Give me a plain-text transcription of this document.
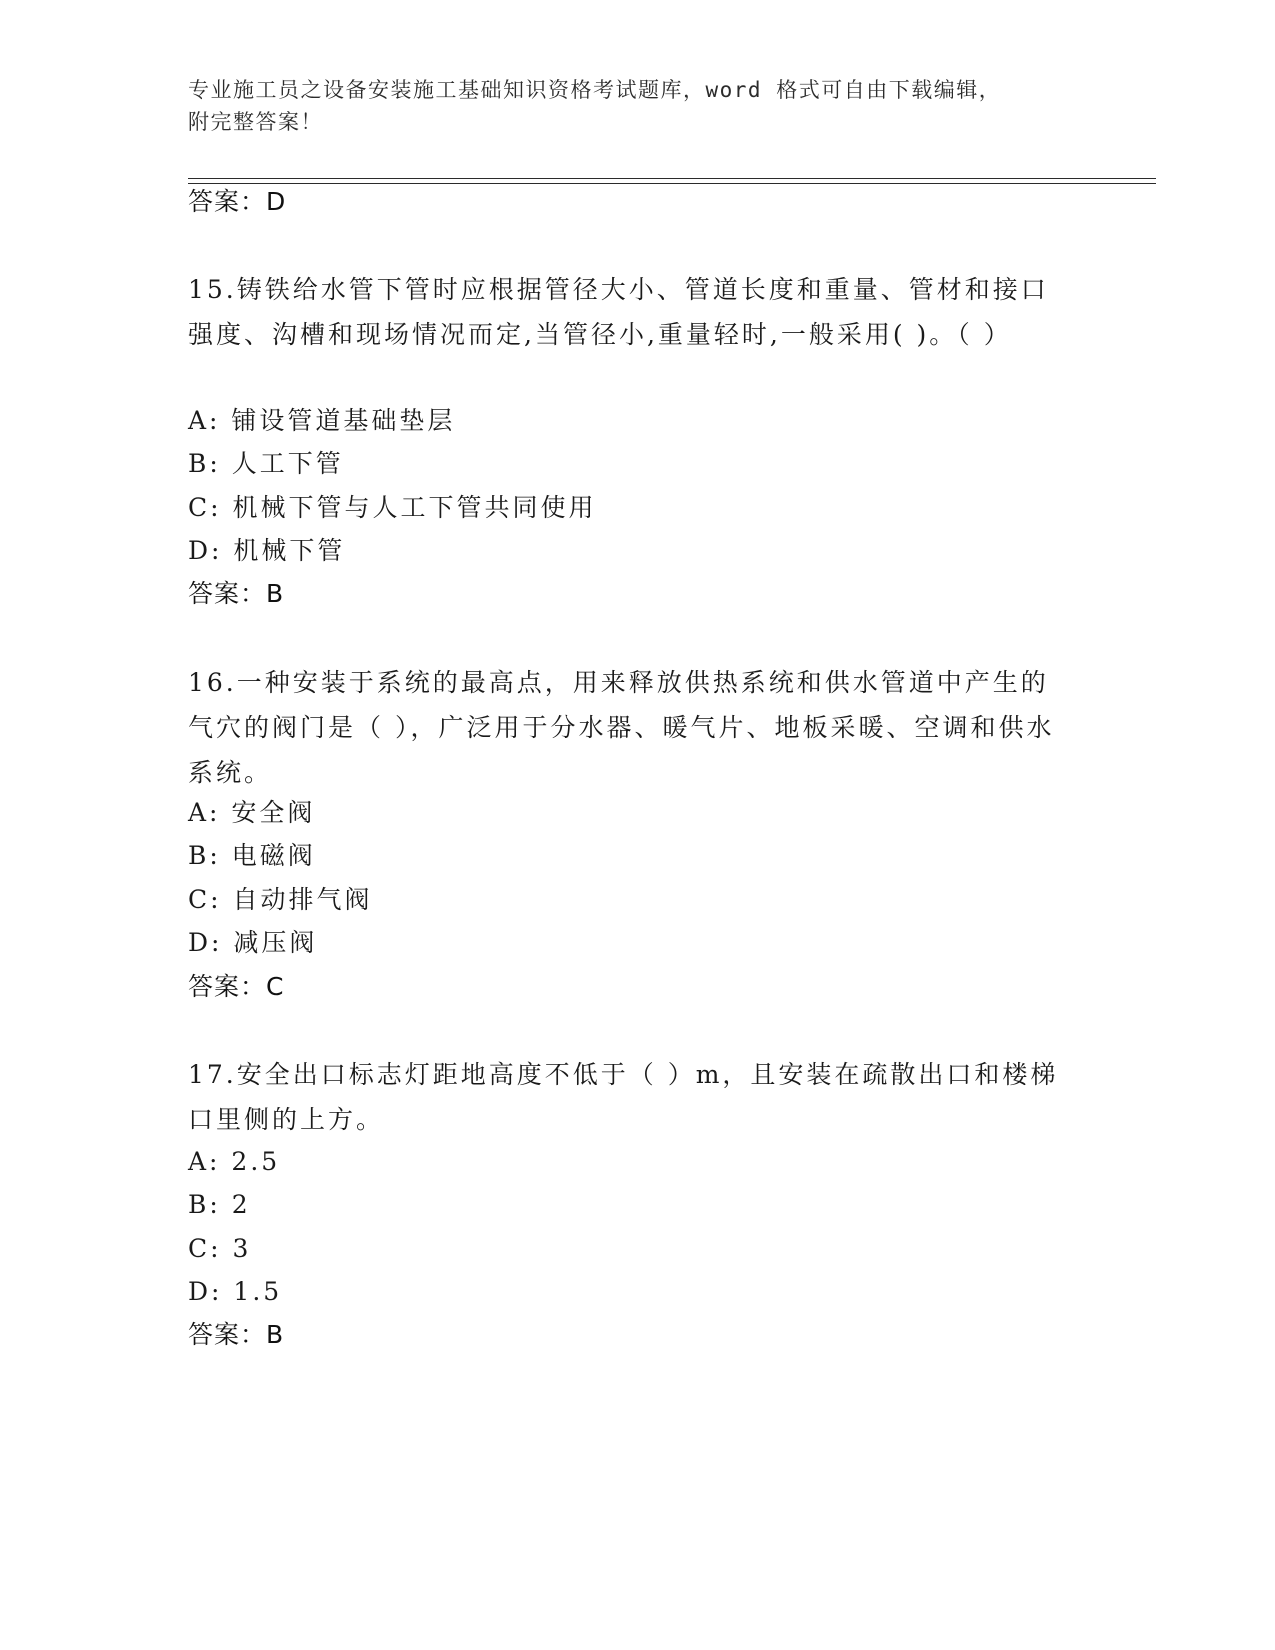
专业施工员之设备安装施工基础知识资格考试题库，word 格式可自由下载编辑，
附完整答案！
答案：D
15.铸铁给水管下管时应根据管径大小、管道长度和重量、管材和接口强度、沟槽和现场情况而定,当管径小,重量轻时,一般采用( )。（ ）
A: 铺设管道基础垫层
B: 人工下管
C: 机械下管与人工下管共同使用
D: 机械下管
答案：B
16.一种安装于系统的最高点，用来释放供热系统和供水管道中产生的气穴的阀门是（ ），广泛用于分水器、暖气片、地板采暖、空调和供水系统。
A: 安全阀
B: 电磁阀
C: 自动排气阀
D: 减压阀
答案：C
17.安全出口标志灯距地高度不低于（ ）m，且安装在疏散出口和楼梯口里侧的上方。
A: 2.5
B: 2
C: 3
D: 1.5
答案：B
